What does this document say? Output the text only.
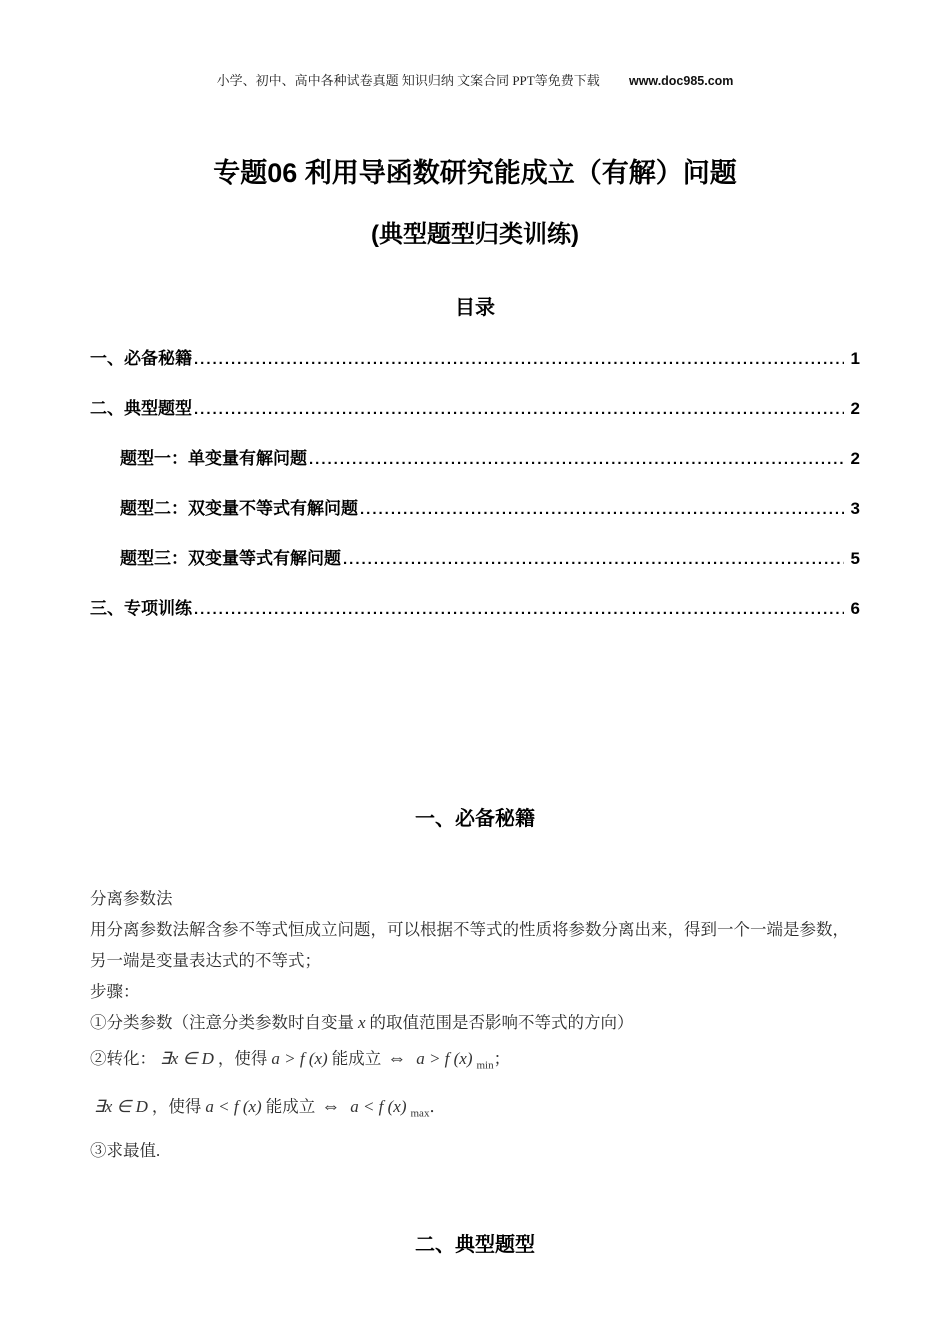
小学、初中、高中各种试卷真题 知识归纳 文案合同 PPT等免费下载 www.doc985.com
专题06 利用导函数研究能成立（有解）问题
(典型题型归类训练)
目录
一、必备秘籍 .....	1
二、典型题型 .....	2
题型一：单变量有解问题 .....	2
题型二：双变量不等式有解问题 .....	3
题型三：双变量等式有解问题 .....	5
三、专项训练 .....	6
一、必备秘籍

分离参数法

用分离参数法解含参不等式恒成立问题，可以根据不等式的性质将参数分离出来，得到一个一端是参数，另一端是变量表达式的不等式；

步骤：

①分类参数（注意分类参数时自变量 x 的取值范围是否影响不等式的方向）

②转化： ∃x ∈ D ，使得 a > f (x) 能成立 ⇔ a > f (x) $_{min}$；

∃x ∈ D ，使得 a < f (x) 能成立 ⇔ a < f (x) $_{max}$．

③求最值.

二、典型题型
